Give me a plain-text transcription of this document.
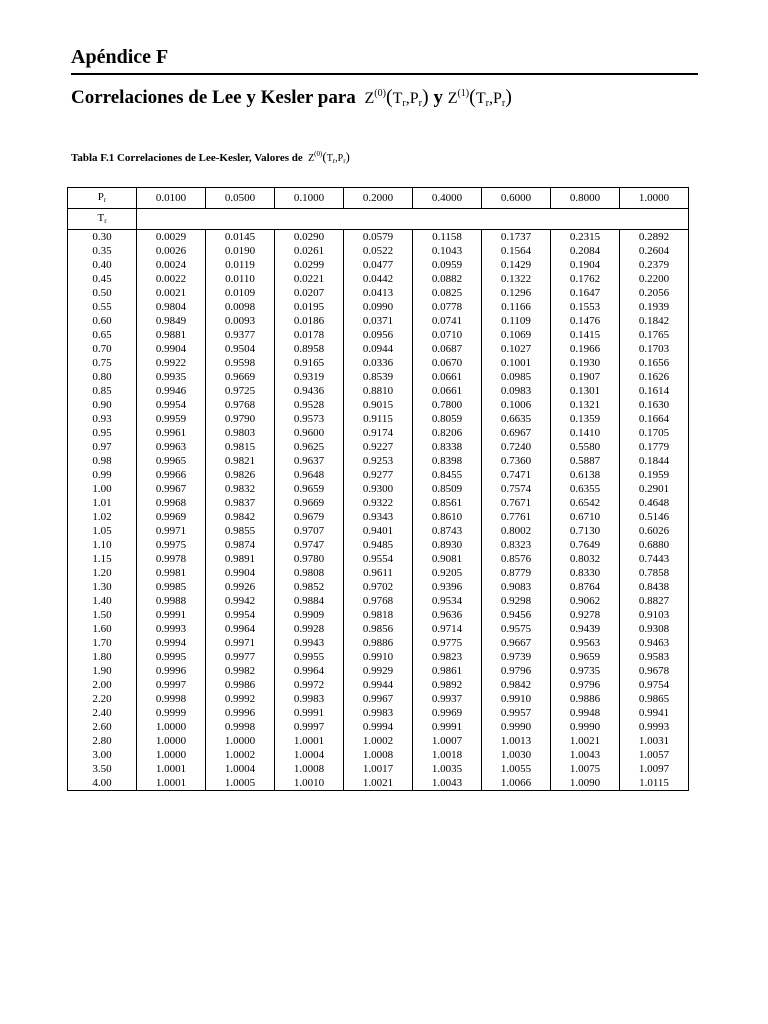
Apéndice F
Correlaciones de Lee y Kesler para $Z^{(0)}(T_r,P_r)$ y $Z^{(1)}(T_r,P_r)$

Tabla F.1 Correlaciones de Lee-Kesler, Valores de $Z^{(0)}(T_r,P_r)$

$P_r$	0.0100	0.0500	0.1000	0.2000	0.4000	0.6000	0.8000	1.0000
$T_r$	
0.30	0.0029	0.0145	0.0290	0.0579	0.1158	0.1737	0.2315	0.2892
0.35	0.0026	0.0190	0.0261	0.0522	0.1043	0.1564	0.2084	0.2604
0.40	0.0024	0.0119	0.0299	0.0477	0.0959	0.1429	0.1904	0.2379
0.45	0.0022	0.0110	0.0221	0.0442	0.0882	0.1322	0.1762	0.2200
0.50	0.0021	0.0109	0.0207	0.0413	0.0825	0.1296	0.1647	0.2056
0.55	0.9804	0.0098	0.0195	0.0990	0.0778	0.1166	0.1553	0.1939
0.60	0.9849	0.0093	0.0186	0.0371	0.0741	0.1109	0.1476	0.1842
0.65	0.9881	0.9377	0.0178	0.0956	0.0710	0.1069	0.1415	0.1765
0.70	0.9904	0.9504	0.8958	0.0944	0.0687	0.1027	0.1966	0.1703
0.75	0.9922	0.9598	0.9165	0.0336	0.0670	0.1001	0.1930	0.1656
0.80	0.9935	0.9669	0.9319	0.8539	0.0661	0.0985	0.1907	0.1626
0.85	0.9946	0.9725	0.9436	0.8810	0.0661	0.0983	0.1301	0.1614
0.90	0.9954	0.9768	0.9528	0.9015	0.7800	0.1006	0.1321	0.1630
0.93	0.9959	0.9790	0.9573	0.9115	0.8059	0.6635	0.1359	0.1664
0.95	0.9961	0.9803	0.9600	0.9174	0.8206	0.6967	0.1410	0.1705
0.97	0.9963	0.9815	0.9625	0.9227	0.8338	0.7240	0.5580	0.1779
0.98	0.9965	0.9821	0.9637	0.9253	0.8398	0.7360	0.5887	0.1844
0.99	0.9966	0.9826	0.9648	0.9277	0.8455	0.7471	0.6138	0.1959
1.00	0.9967	0.9832	0.9659	0.9300	0.8509	0.7574	0.6355	0.2901
1.01	0.9968	0.9837	0.9669	0.9322	0.8561	0.7671	0.6542	0.4648
1.02	0.9969	0.9842	0.9679	0.9343	0.8610	0.7761	0.6710	0.5146
1.05	0.9971	0.9855	0.9707	0.9401	0.8743	0.8002	0.7130	0.6026
1.10	0.9975	0.9874	0.9747	0.9485	0.8930	0.8323	0.7649	0.6880
1.15	0.9978	0.9891	0.9780	0.9554	0.9081	0.8576	0.8032	0.7443
1.20	0.9981	0.9904	0.9808	0.9611	0.9205	0.8779	0.8330	0.7858
1.30	0.9985	0.9926	0.9852	0.9702	0.9396	0.9083	0.8764	0.8438
1.40	0.9988	0.9942	0.9884	0.9768	0.9534	0.9298	0.9062	0.8827
1.50	0.9991	0.9954	0.9909	0.9818	0.9636	0.9456	0.9278	0.9103
1.60	0.9993	0.9964	0.9928	0.9856	0.9714	0.9575	0.9439	0.9308
1.70	0.9994	0.9971	0.9943	0.9886	0.9775	0.9667	0.9563	0.9463
1.80	0.9995	0.9977	0.9955	0.9910	0.9823	0.9739	0.9659	0.9583
1.90	0.9996	0.9982	0.9964	0.9929	0.9861	0.9796	0.9735	0.9678
2.00	0.9997	0.9986	0.9972	0.9944	0.9892	0.9842	0.9796	0.9754
2.20	0.9998	0.9992	0.9983	0.9967	0.9937	0.9910	0.9886	0.9865
2.40	0.9999	0.9996	0.9991	0.9983	0.9969	0.9957	0.9948	0.9941
2.60	1.0000	0.9998	0.9997	0.9994	0.9991	0.9990	0.9990	0.9993
2.80	1.0000	1.0000	1.0001	1.0002	1.0007	1.0013	1.0021	1.0031
3.00	1.0000	1.0002	1.0004	1.0008	1.0018	1.0030	1.0043	1.0057
3.50	1.0001	1.0004	1.0008	1.0017	1.0035	1.0055	1.0075	1.0097
4.00	1.0001	1.0005	1.0010	1.0021	1.0043	1.0066	1.0090	1.0115
